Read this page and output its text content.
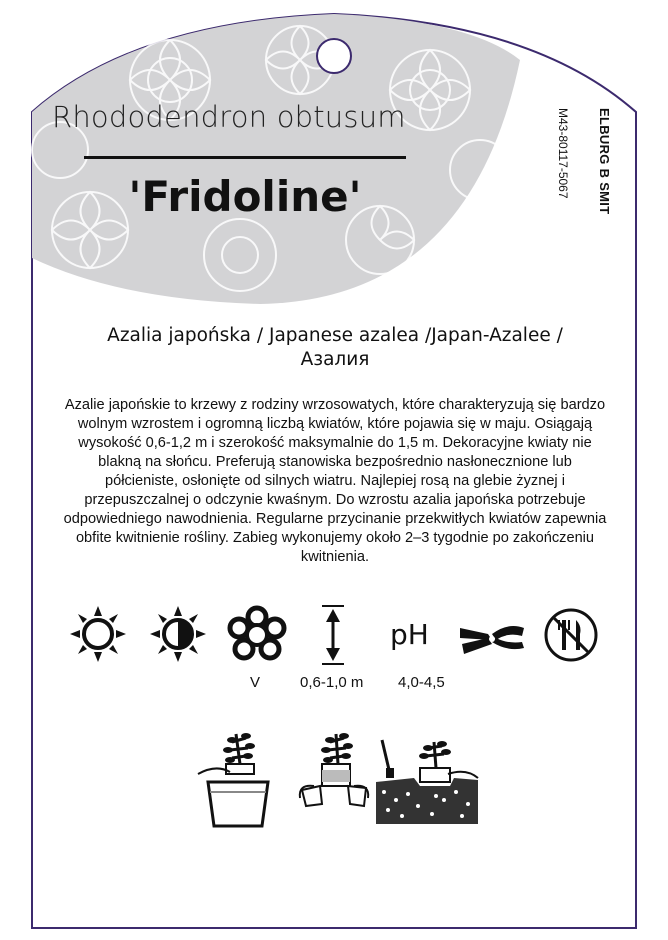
Rhododendron obtusum
'Fridoline'	ELBURG B SMIT
M43-80117-5067
Azalia japońska / Japanese azalea /Japan-Azalee / Азалия
Azalie japońskie to krzewy z rodziny wrzosowatych, które charakteryzują się bardzo wolnym wzrostem i ogromną liczbą kwiatów, które pojawia się w maju. Osiągają wysokość 0,6-1,2 m i szerokość maksymalnie do 1,5 m. Dekoracyjne kwiaty nie blakną na słońcu. Preferują stanowiska bezpośrednio nasłonecznione lub półcieniste, osłonięte od silnych wiatru. Najlepiej rosą na glebie żyznej i przepuszczalnej o odczynie kwaśnym. Do wzrostu azalia japońska potrzebuje odpowiedniego nawodnienia. Regularne przycinanie przekwitłych kwiatów zapewnia obfite kwitnienie rośliny. Zabieg wykonujemy około 2–3 tygodnie po zakończeniu kwitnienia.
pH
V	0,6-1,0 m 4,0-4,5
